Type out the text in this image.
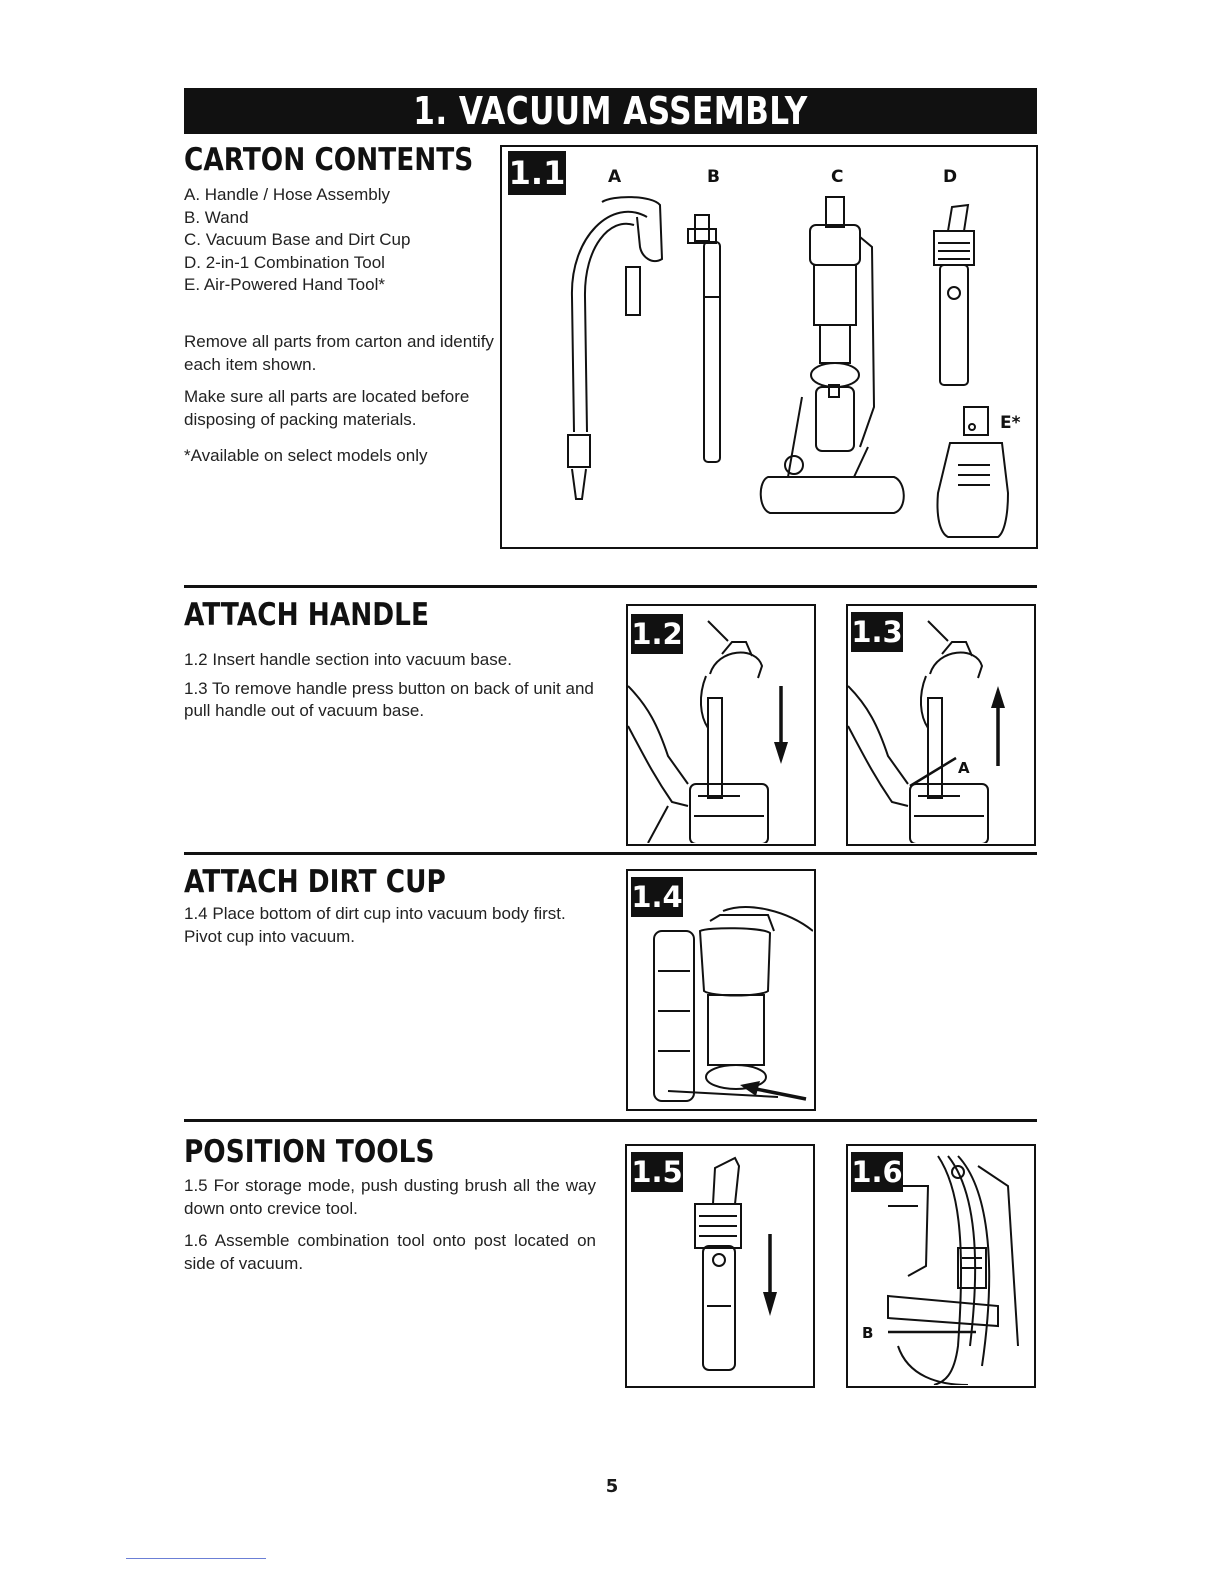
1. VACUUM ASSEMBLY
CARTON CONTENTS
A. Handle / Hose Assembly
B. Wand
C. Vacuum Base and Dirt Cup
D. 2-in-1 Combination Tool
E. Air-Powered Hand Tool*

Remove all parts from carton and identify each item shown.

Make sure all parts are located before disposing of packing materials.

*Available on select models only

1.1	A	B	C	D
E*
ATTACH HANDLE

1.2 Insert handle section into vacuum base.

1.3 To remove handle press button on back of unit and pull handle out of vacuum base.

1.2	1.3
A
ATTACH DIRT CUP

1.4 Place bottom of dirt cup into vacuum body first. Pivot cup into vacuum.

1.4
POSITION TOOLS

1.5 For storage mode, push dusting brush all the way down onto crevice tool.

1.6 Assemble combination tool onto post located on side of vacuum.

1.5	1.6
B
5
